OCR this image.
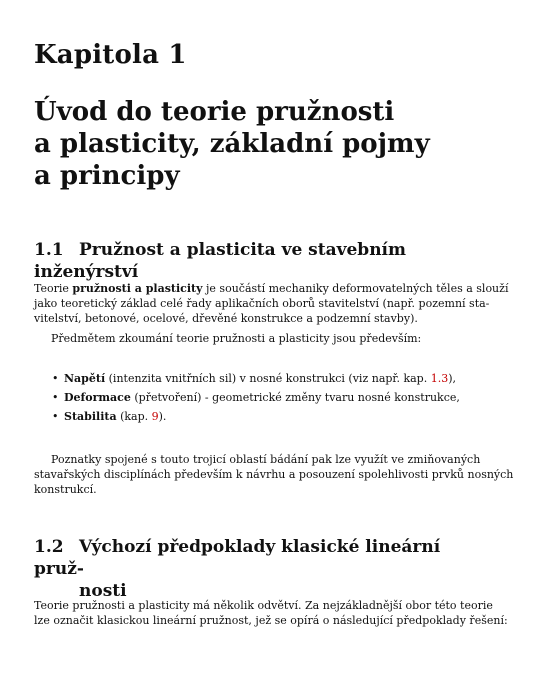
Kapitola 1
Úvod do teorie pružnosti
a plasticity, základní pojmy
a principy
1.1 Pružnost a plasticita ve stavebním inženýrství
Teorie pružnosti a plasticity je součástí mechaniky deformovatelných těles a slouží
jako teoretický základ celé řady aplikačních oborů stavitelství (např. pozemní sta-
vitelství, betonové, ocelové, dřevěné konstrukce a podzemní stavby).
Předmětem zkoumání teorie pružnosti a plasticity jsou především:
• Napětí (intenzita vnitřních sil) v nosné konstrukci (viz např. kap. 1.3),
• Deformace (přetvoření) - geometrické změny tvaru nosné konstrukce,
• Stabilita (kap. 9).
Poznatky spojené s touto trojicí oblastí bádání pak lze využít ve zmiňovaných
stavařských disciplínách především k návrhu a posouzení spolehlivosti prvků nosných
konstrukcí.
1.2 Výchozí předpoklady klasické lineární pruž-
nosti
Teorie pružnosti a plasticity má několik odvětví. Za nejzákladnější obor této teorie
lze označit klasickou lineární pružnost, jež se opírá o následující předpoklady řešení:
